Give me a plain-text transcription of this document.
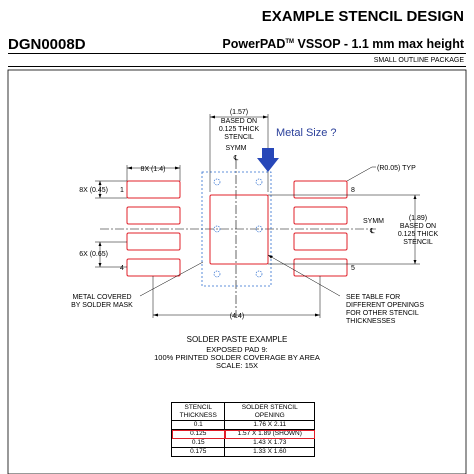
EXAMPLE STENCIL DESIGN
DGN0008D	PowerPAD™ VSSOP - 1.1 mm max height
SMALL OUTLINE PACKAGE
(1.57)
BASED ON
0.125 THICK
STENCIL
SYMM
℄
Metal Size ?
8X (1.4)
8X (0.45) 1
4
8
5
6X (0.65)
(R0.05) TYP
(1.89)
BASED ON
0.125 THICK
STENCIL
SYMM
℄
(4.4)
METAL COVERED
BY SOLDER MASK
SEE TABLE FOR
DIFFERENT OPENINGS
FOR OTHER STENCIL
THICKNESSES
SOLDER PASTE EXAMPLE
EXPOSED PAD 9:
100% PRINTED SOLDER COVERAGE BY AREA
SCALE: 15X
STENCIL
THICKNESS	SOLDER STENCIL
OPENING
0.1	1.76 X 2.11
0.125	1.57 X 1.89 (SHOWN)
0.15	1.43 X 1.73
0.175	1.33 X 1.60
